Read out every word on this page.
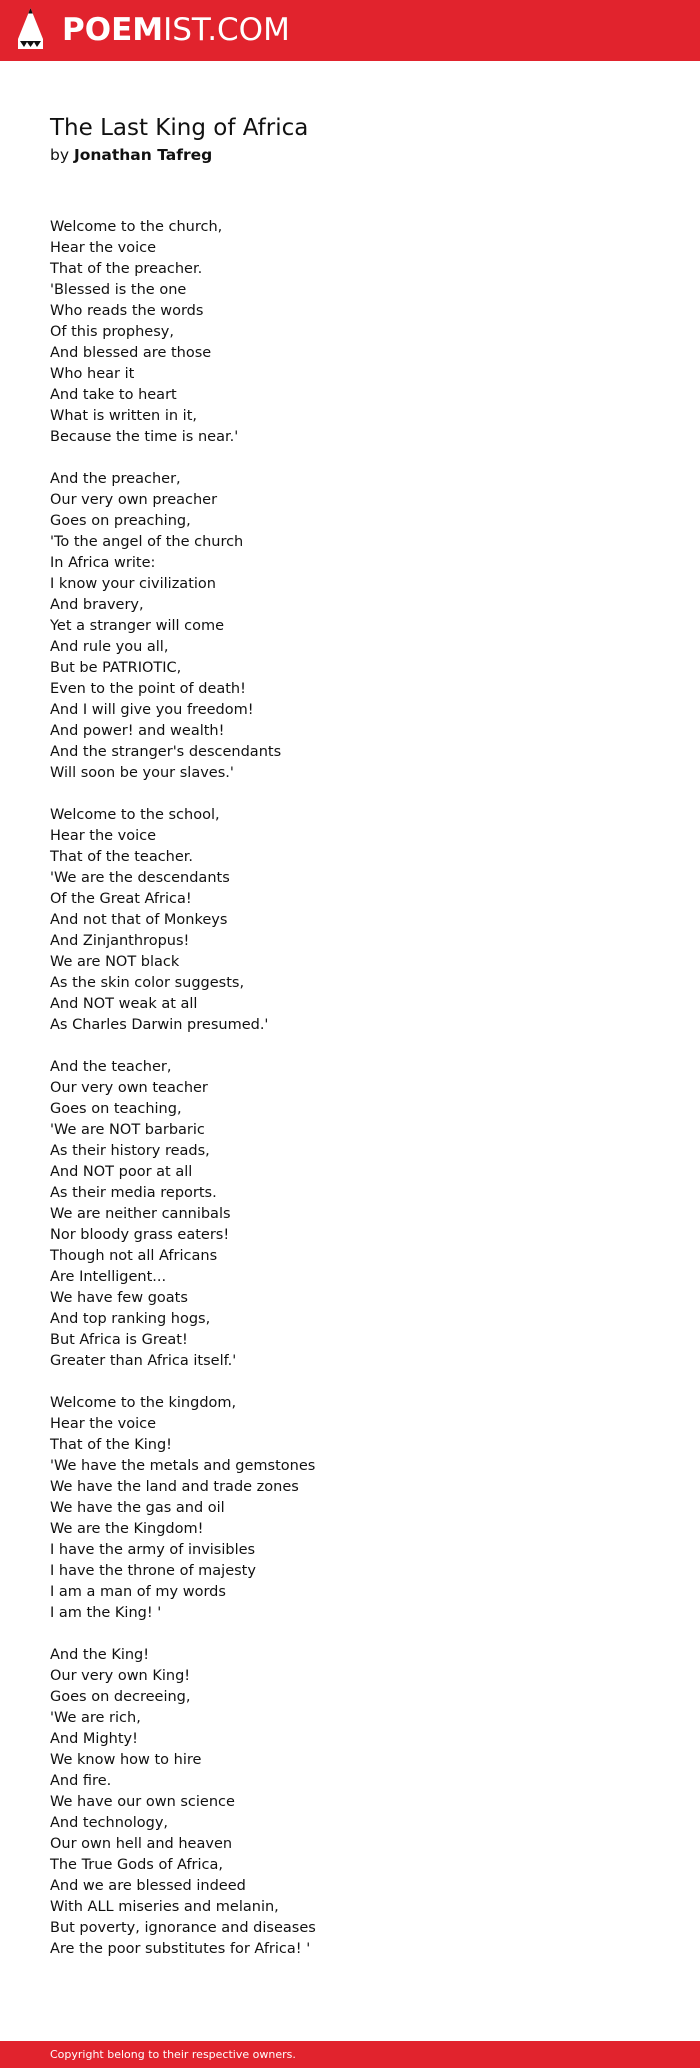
POEMIST.COM
The Last King of Africa

by Jonathan Tafreg

Welcome to the church,
Hear the voice
That of the preacher.
'Blessed is the one
Who reads the words
Of this prophesy,
And blessed are those
Who hear it
And take to heart
What is written in it,
Because the time is near.'
And the preacher,
Our very own preacher
Goes on preaching,
'To the angel of the church
In Africa write:
I know your civilization
And bravery,
Yet a stranger will come
And rule you all,
But be PATRIOTIC,
Even to the point of death!
And I will give you freedom!
And power! and wealth!
And the stranger's descendants
Will soon be your slaves.'
Welcome to the school,
Hear the voice
That of the teacher.
'We are the descendants
Of the Great Africa!
And not that of Monkeys
And Zinjanthropus!
We are NOT black
As the skin color suggests,
And NOT weak at all
As Charles Darwin presumed.'
And the teacher,
Our very own teacher
Goes on teaching,
'We are NOT barbaric
As their history reads,
And NOT poor at all
As their media reports.
We are neither cannibals
Nor bloody grass eaters!
Though not all Africans
Are Intelligent...
We have few goats
And top ranking hogs,
But Africa is Great!
Greater than Africa itself.'
Welcome to the kingdom,
Hear the voice
That of the King!
'We have the metals and gemstones
We have the land and trade zones
We have the gas and oil
We are the Kingdom!
I have the army of invisibles
I have the throne of majesty
I am a man of my words
I am the King! '
And the King!
Our very own King!
Goes on decreeing,
'We are rich,
And Mighty!
We know how to hire
And fire.
We have our own science
And technology,
Our own hell and heaven
The True Gods of Africa,
And we are blessed indeed
With ALL miseries and melanin,
But poverty, ignorance and diseases
Are the poor substitutes for Africa! '
Copyright belong to their respective owners.
